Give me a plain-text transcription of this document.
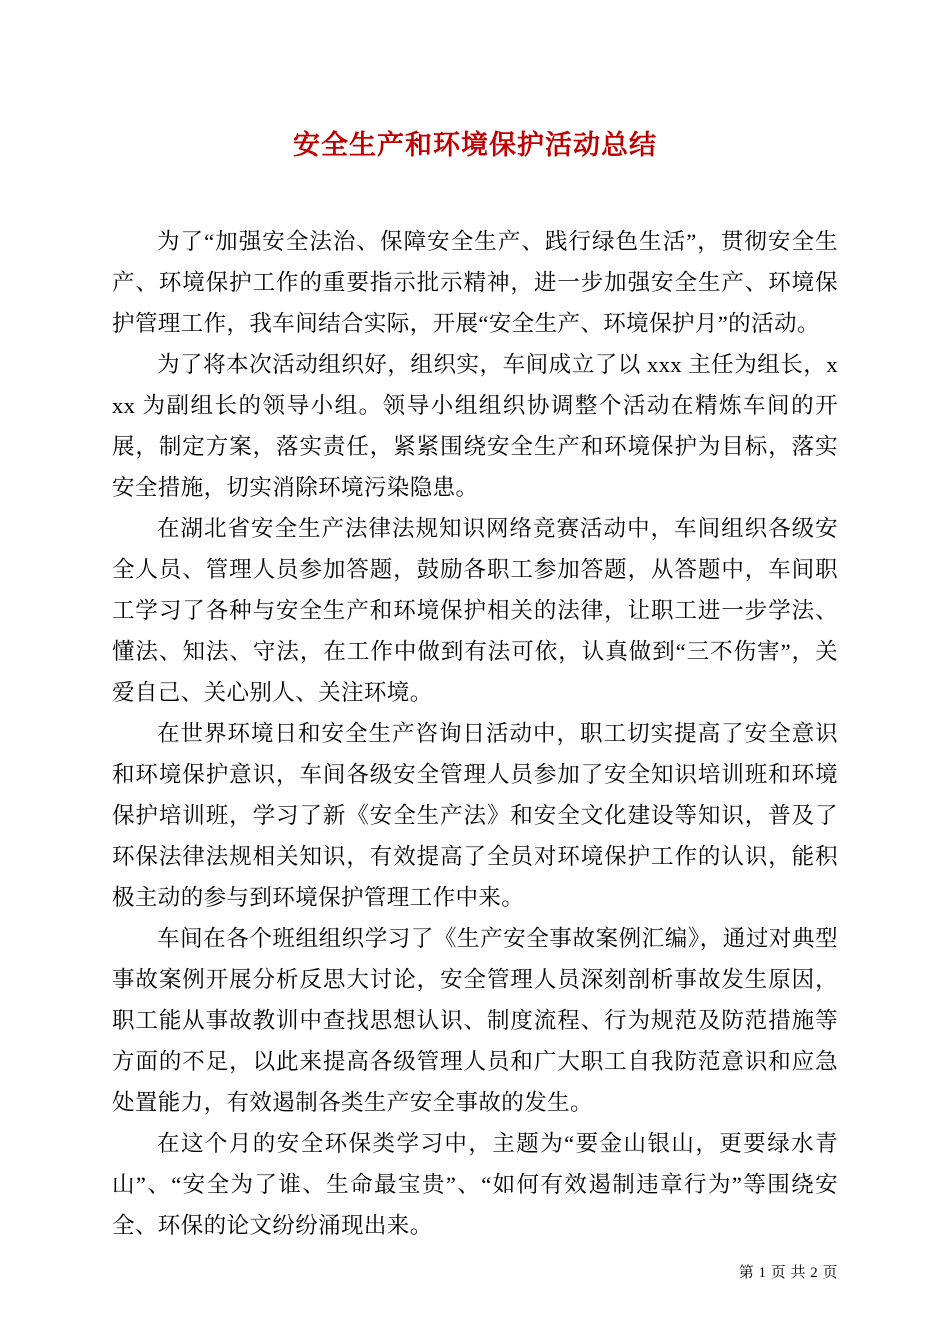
安全生产和环境保护活动总结

为了“加强安全法治、保障安全生产、践行绿色生活”，贯彻安全生产、环境保护工作的重要指示批示精神，进一步加强安全生产、环境保护管理工作，我车间结合实际，开展“安全生产、环境保护月”的活动。

为了将本次活动组织好，组织实，车间成立了以 xxx 主任为组长，xxx 为副组长的领导小组。领导小组组织协调整个活动在精炼车间的开展，制定方案，落实责任，紧紧围绕安全生产和环境保护为目标，落实安全措施，切实消除环境污染隐患。

在湖北省安全生产法律法规知识网络竞赛活动中，车间组织各级安全人员、管理人员参加答题，鼓励各职工参加答题，从答题中，车间职工学习了各种与安全生产和环境保护相关的法律，让职工进一步学法、懂法、知法、守法，在工作中做到有法可依，认真做到“三不伤害”，关爱自己、关心别人、关注环境。

在世界环境日和安全生产咨询日活动中，职工切实提高了安全意识和环境保护意识，车间各级安全管理人员参加了安全知识培训班和环境保护培训班，学习了新《安全生产法》和安全文化建设等知识，普及了环保法律法规相关知识，有效提高了全员对环境保护工作的认识，能积极主动的参与到环境保护管理工作中来。

车间在各个班组组织学习了《生产安全事故案例汇编》，通过对典型事故案例开展分析反思大讨论，安全管理人员深刻剖析事故发生原因，职工能从事故教训中查找思想认识、制度流程、行为规范及防范措施等方面的不足，以此来提高各级管理人员和广大职工自我防范意识和应急处置能力，有效遏制各类生产安全事故的发生。

在这个月的安全环保类学习中，主题为“要金山银山，更要绿水青山”、“安全为了谁、生命最宝贵”、“如何有效遏制违章行为”等围绕安全、环保的论文纷纷涌现出来。

第 1 页 共 2 页
